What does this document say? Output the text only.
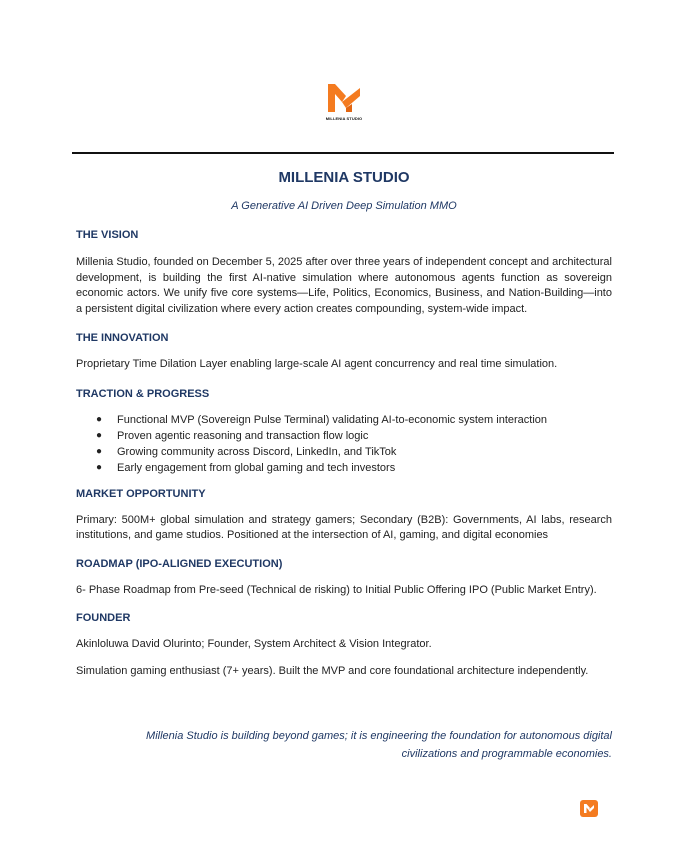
MILLENIA STUDIO
MILLENIA STUDIO
A Generative AI Driven Deep Simulation MMO
THE VISION

Millenia Studio, founded on December 5, 2025 after over three years of independent concept and architectural development, is building the first AI-native simulation where autonomous agents function as sovereign economic actors. We unify five core systems—Life, Politics, Economics, Business, and Nation-Building—into a persistent digital civilization where every action creates compounding, system-wide impact.

THE INNOVATION

Proprietary Time Dilation Layer enabling large-scale AI agent concurrency and real time simulation.

TRACTION & PROGRESS
● Functional MVP (Sovereign Pulse Terminal) validating AI-to-economic system interaction
● Proven agentic reasoning and transaction flow logic
● Growing community across Discord, LinkedIn, and TikTok
● Early engagement from global gaming and tech investors
MARKET OPPORTUNITY

Primary: 500M+ global simulation and strategy gamers; Secondary (B2B): Governments, AI labs, research institutions, and game studios. Positioned at the intersection of AI, gaming, and digital economies

ROADMAP (IPO-ALIGNED EXECUTION)

6- Phase Roadmap from Pre-seed (Technical de risking) to Initial Public Offering IPO (Public Market Entry).

FOUNDER

Akinloluwa David Olurinto; Founder, System Architect & Vision Integrator.

Simulation gaming enthusiast (7+ years). Built the MVP and core foundational architecture independently.

Millenia Studio is building beyond games; it is engineering the foundation for autonomous digital
civilizations and programmable economies.
